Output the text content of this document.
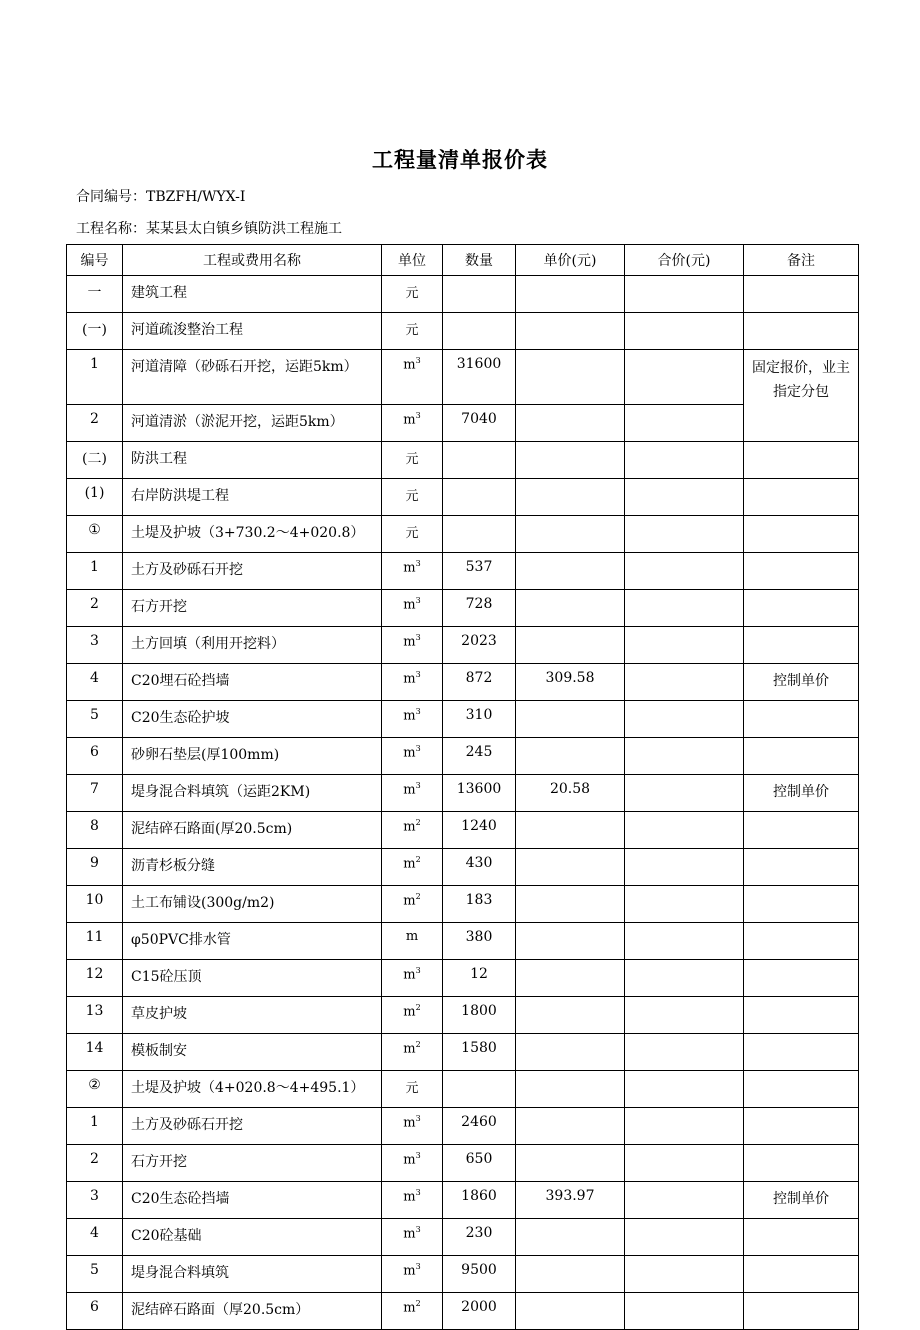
工程量清单报价表
合同编号：TBZFH/WYX-Ⅰ
工程名称：某某县太白镇乡镇防洪工程施工
编号	工程或费用名称	单位	数量	单价(元)	合价(元)	备注
一	建筑工程	元				
(一)	河道疏浚整治工程	元				
1	河道清障（砂砾石开挖，运距5km）	$m^3$	31600			固定报价，业主指定分包
2	河道清淤（淤泥开挖，运距5km）	$m^3$	7040			
(二)	防洪工程	元				
(1)	右岸防洪堤工程	元				
①	土堤及护坡（3+730.2～4+020.8）	元				
1	土方及砂砾石开挖	$m^3$	537			
2	石方开挖	$m^3$	728			
3	土方回填（利用开挖料）	$m^3$	2023			
4	C20埋石砼挡墙	$m^3$	872	309.58		控制单价
5	C20生态砼护坡	$m^3$	310			
6	砂卵石垫层(厚100mm)	$m^3$	245			
7	堤身混合料填筑（运距2KM)	$m^3$	13600	20.58		控制单价
8	泥结碎石路面(厚20.5cm)	$m^2$	1240			
9	沥青杉板分缝	$m^2$	430			
10	土工布铺设(300g/m2)	$m^2$	183			
11	φ50PVC排水管	m	380			
12	C15砼压顶	$m^3$	12			
13	草皮护坡	$m^2$	1800			
14	模板制安	$m^2$	1580			
②	土堤及护坡（4+020.8～4+495.1）	元				
1	土方及砂砾石开挖	$m^3$	2460			
2	石方开挖	$m^3$	650			
3	C20生态砼挡墙	$m^3$	1860	393.97		控制单价
4	C20砼基础	$m^3$	230			
5	堤身混合料填筑	$m^3$	9500			
6	泥结碎石路面（厚20.5cm）	$m^2$	2000			
